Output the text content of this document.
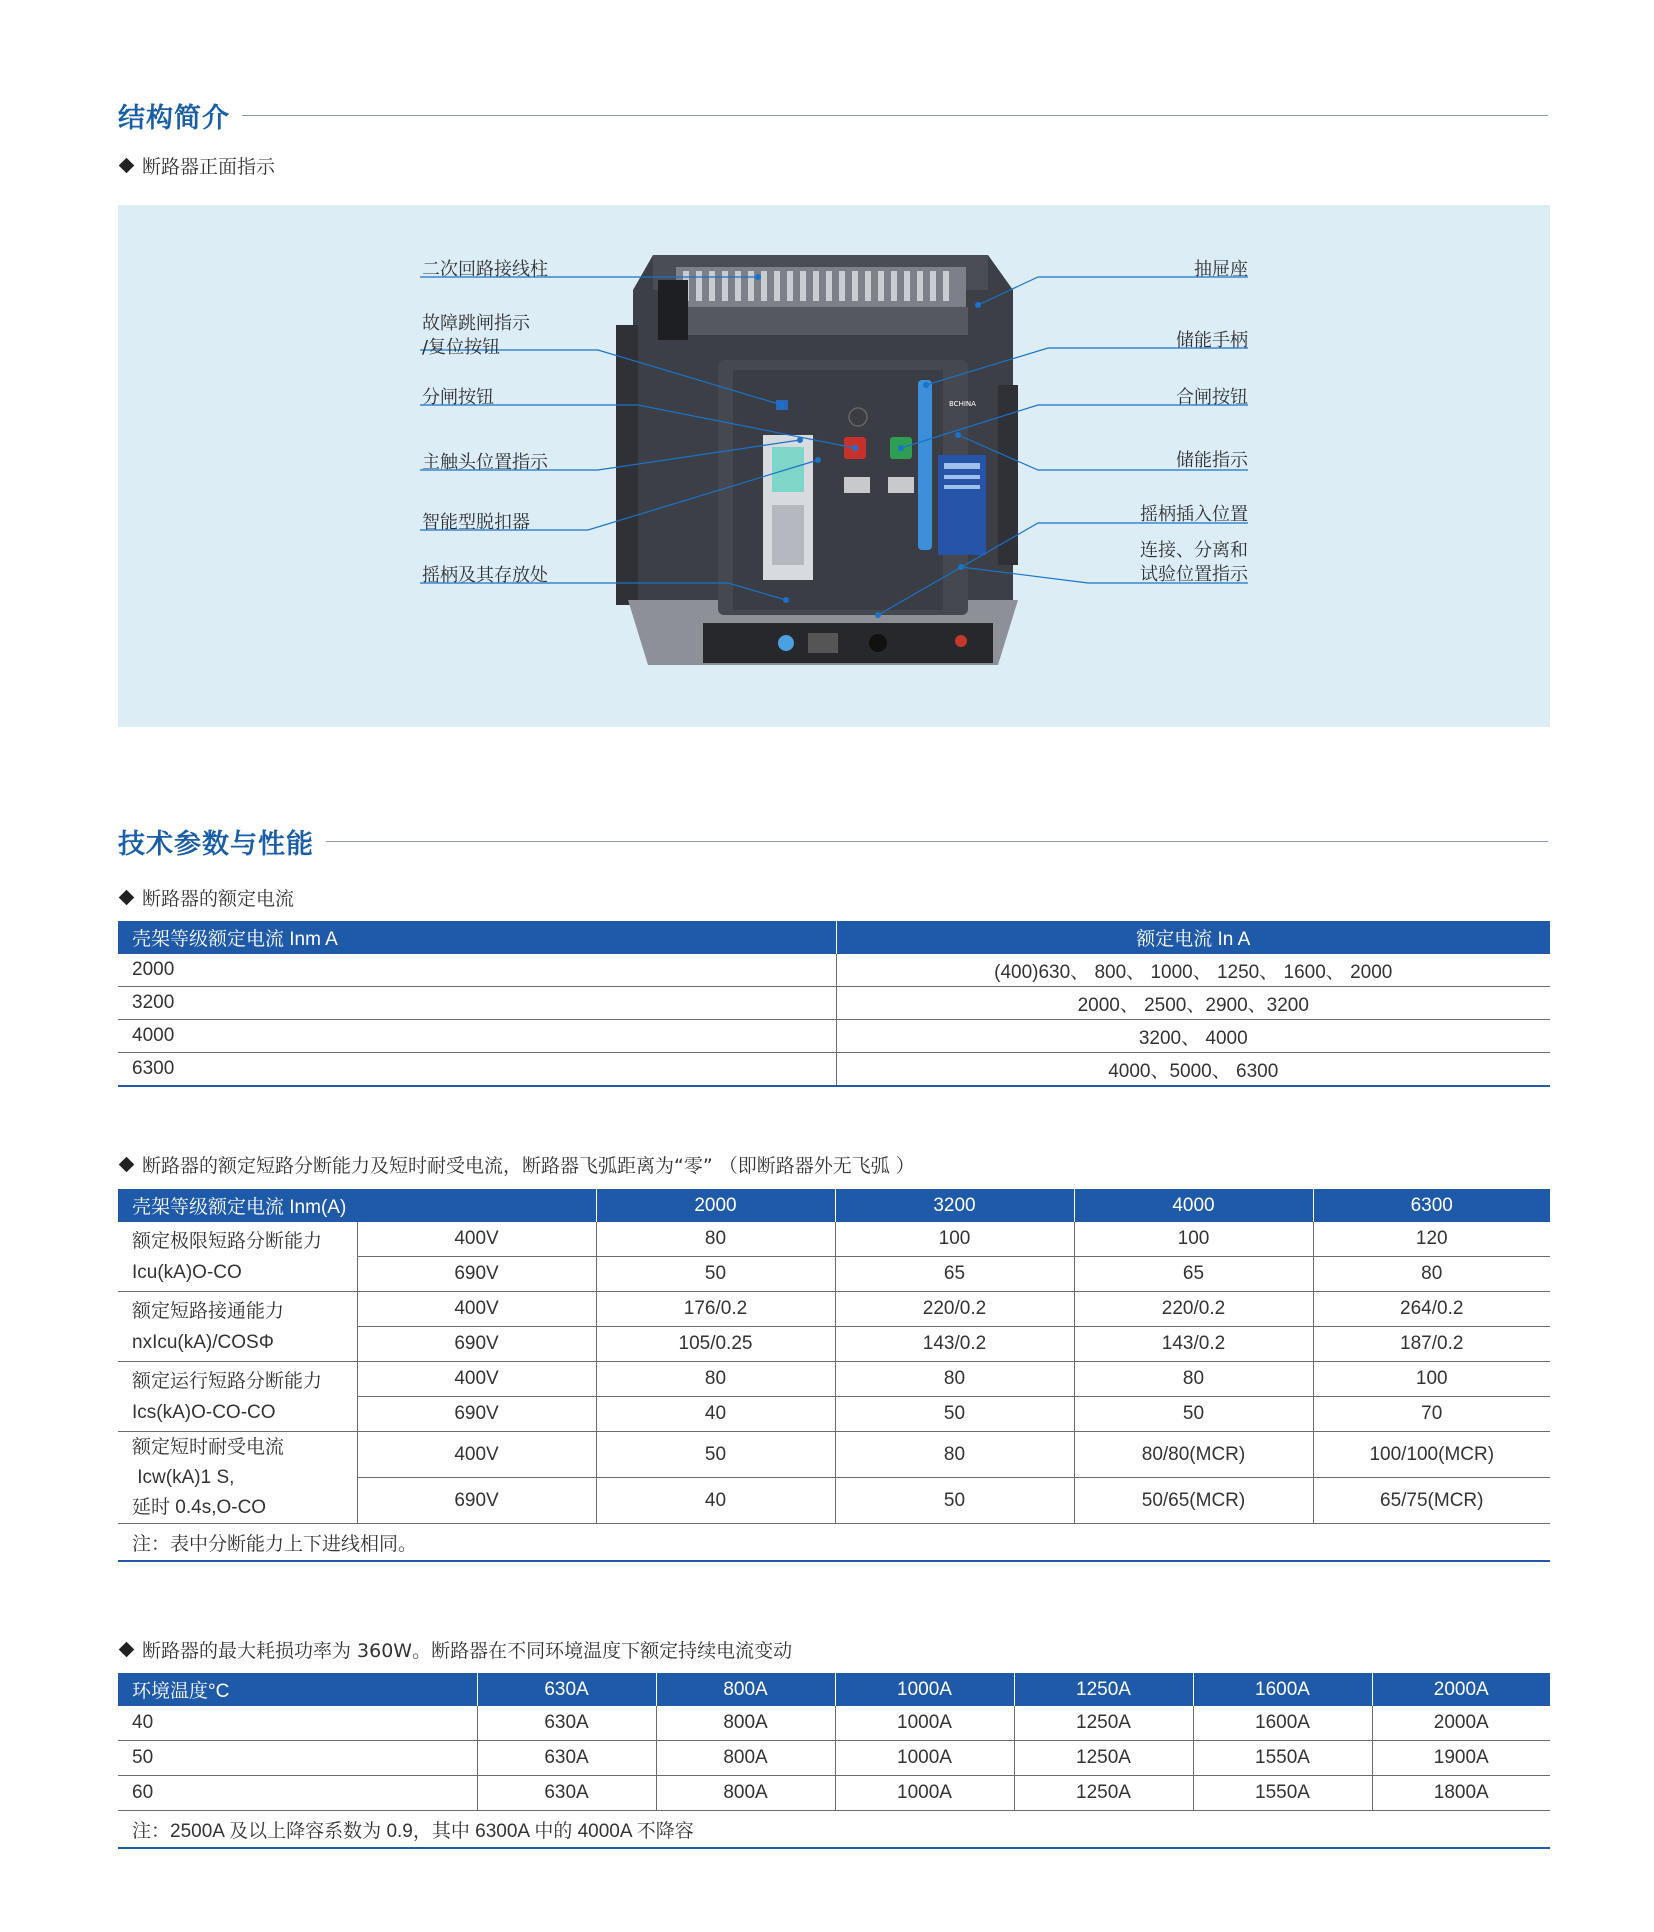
结构简介
断路器正面指示
BCHINA
二次回路接线柱
故障跳闸指示
/复位按钮
分闸按钮
主触头位置指示
智能型脱扣器
摇柄及其存放处
抽屉座
储能手柄
合闸按钮
储能指示
摇柄插入位置
连接、分离和
试验位置指示
技术参数与性能
断路器的额定电流
壳架等级额定电流 Inm A	额定电流 In A
2000	(400)630、 800、 1000、 1250、 1600、 2000
3200	2000、 2500、2900、3200
4000	3200、 4000
6300	4000、5000、 6300
断路器的额定短路分断能力及短时耐受电流，断路器飞弧距离为“零” （即断路器外无飞弧 ）
壳架等级额定电流 Inm(A)		2000	3200	4000	6300

额定极限短路分断能力
Icu(kA)O-CO	400V	80	100	100	120
	690V	50	65	65	80

额定短路接通能力
nxIcu(kA)/COSΦ	400V	176/0.2	220/0.2	220/0.2	264/0.2
	690V	105/0.25	143/0.2	143/0.2	187/0.2

额定运行短路分断能力
Ics(kA)O-CO-CO	400V	80	80	80	100
	690V	40	50	50	70

额定短时耐受电流
Icw(kA)1 S,
延时 0.4s,O-CO	400V	50	80	80/80(MCR)	100/100(MCR)
	690V	40	50	50/65(MCR)	65/75(MCR)
注：表中分断能力上下进线相同。					
断路器的最大耗损功率为 360W。断路器在不同环境温度下额定持续电流变动
环境温度°C	630A	800A	1000A	1250A	1600A	2000A
40	630A	800A	1000A	1250A	1600A	2000A
50	630A	800A	1000A	1250A	1550A	1900A
60	630A	800A	1000A	1250A	1550A	1800A
注：2500A 及以上降容系数为 0.9，其中 6300A 中的 4000A 不降容						
